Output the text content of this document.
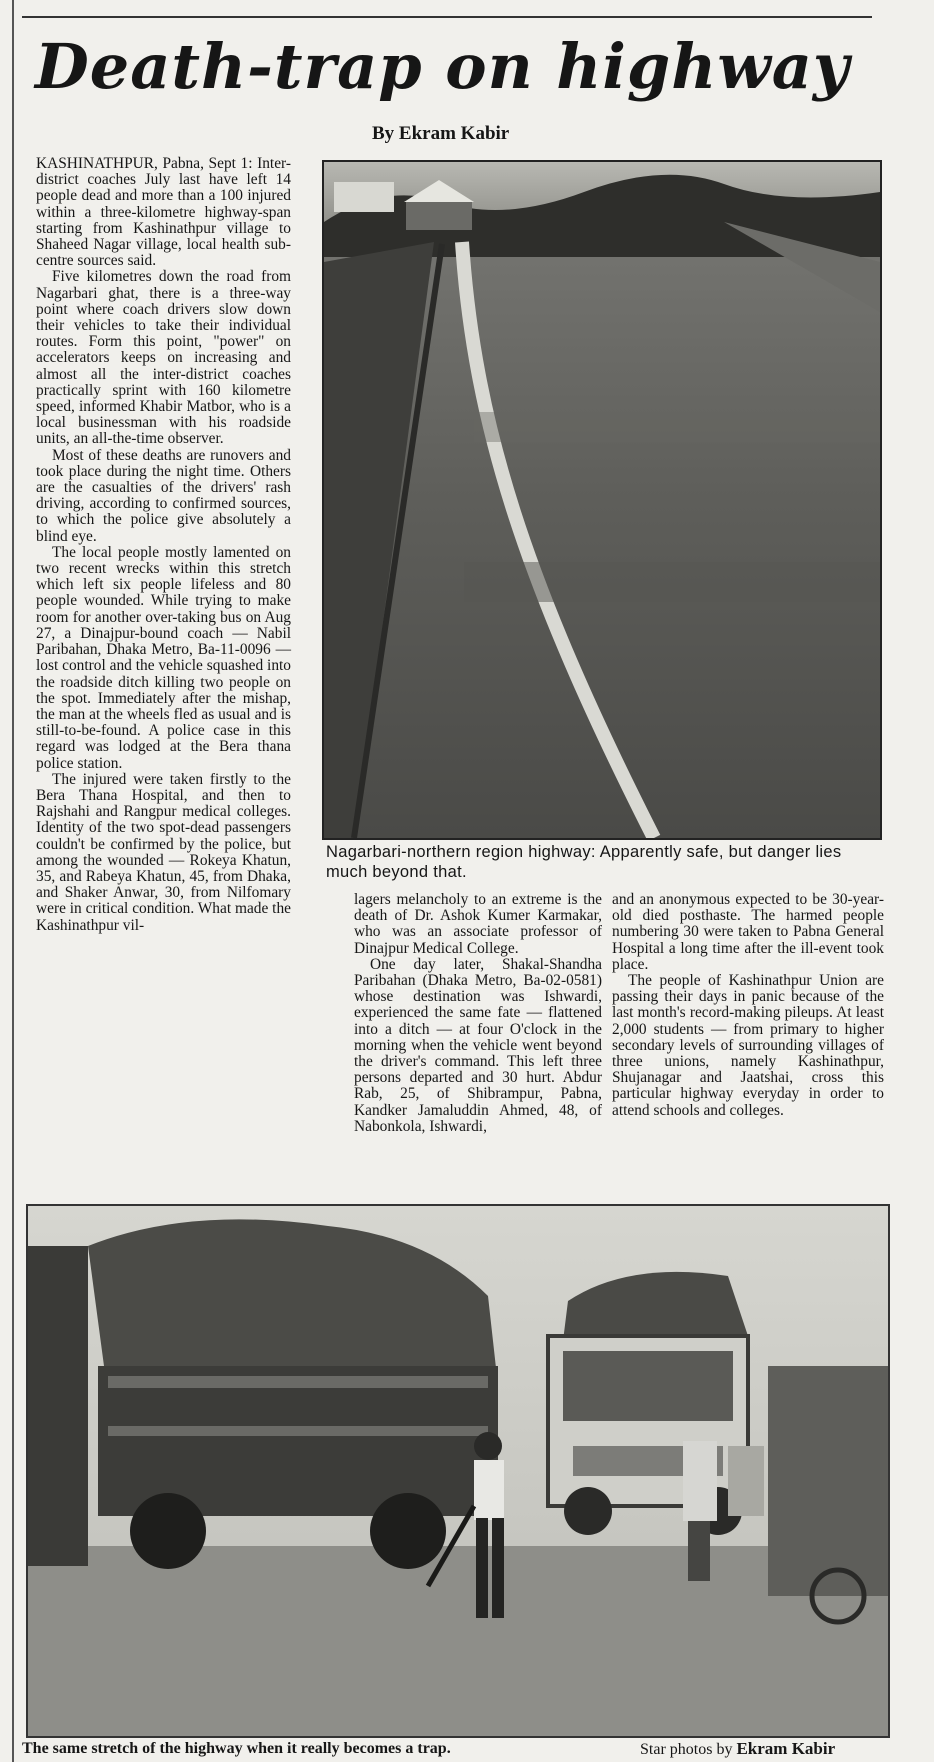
Death-trap on highway
By Ekram Kabir

KASHINATHPUR, Pabna, Sept 1: Inter-district coaches July last have left 14 people dead and more than a 100 injured within a three-kilometre highway-span starting from Kashinathpur village to Shaheed Nagar village, local health sub-centre sources said.

Five kilometres down the road from Nagarbari ghat, there is a three-way point where coach drivers slow down their vehicles to take their individual routes. Form this point, "power" on accelerators keeps on increasing and almost all the inter-district coaches practically sprint with 160 kilometre speed, informed Khabir Matbor, who is a local businessman with his roadside units, an all-the-time observer.

Most of these deaths are runovers and took place during the night time. Others are the casualties of the drivers' rash driving, according to confirmed sources, to which the police give absolutely a blind eye.

The local people mostly lamented on two recent wrecks within this stretch which left six people lifeless and 80 people wounded. While trying to make room for another over-taking bus on Aug 27, a Dinajpur-bound coach — Nabil Paribahan, Dhaka Metro, Ba-11-0096 — lost control and the vehicle squashed into the roadside ditch killing two people on the spot. Immediately after the mishap, the man at the wheels fled as usual and is still-to-be-found. A police case in this regard was lodged at the Bera thana police station.

The injured were taken firstly to the Bera Thana Hospital, and then to Rajshahi and Rangpur medical colleges. Identity of the two spot-dead passengers couldn't be confirmed by the police, but among the wounded — Rokeya Khatun, 35, and Rabeya Khatun, 45, from Dhaka, and Shaker Anwar, 30, from Nilfomary were in critical condition. What made the Kashinathpur vil-

Nagarbari-northern region highway: Apparently safe, but danger lies much beyond that.

lagers melancholy to an extreme is the death of Dr. Ashok Kumer Karmakar, who was an associate professor of Dinajpur Medical College.

One day later, Shakal-Shandha Paribahan (Dhaka Metro, Ba-02-0581) whose destination was Ishwardi, experienced the same fate — flattened into a ditch — at four O'clock in the morning when the vehicle went beyond the driver's command. This left three persons departed and 30 hurt. Abdur Rab, 25, of Shibrampur, Pabna, Kandker Jamaluddin Ahmed, 48, of Nabonkola, Ishwardi,

and an anonymous expected to be 30-year-old died posthaste. The harmed people numbering 30 were taken to Pabna General Hospital a long time after the ill-event took place.

The people of Kashinathpur Union are passing their days in panic because of the last month's record-making pileups. At least 2,000 students — from primary to higher secondary levels of surrounding villages of three unions, namely Kashinathpur, Shujanagar and Jaatshai, cross this particular highway everyday in order to attend schools and colleges.

The same stretch of the highway when it really becomes a trap.	Star photos by Ekram Kabir
